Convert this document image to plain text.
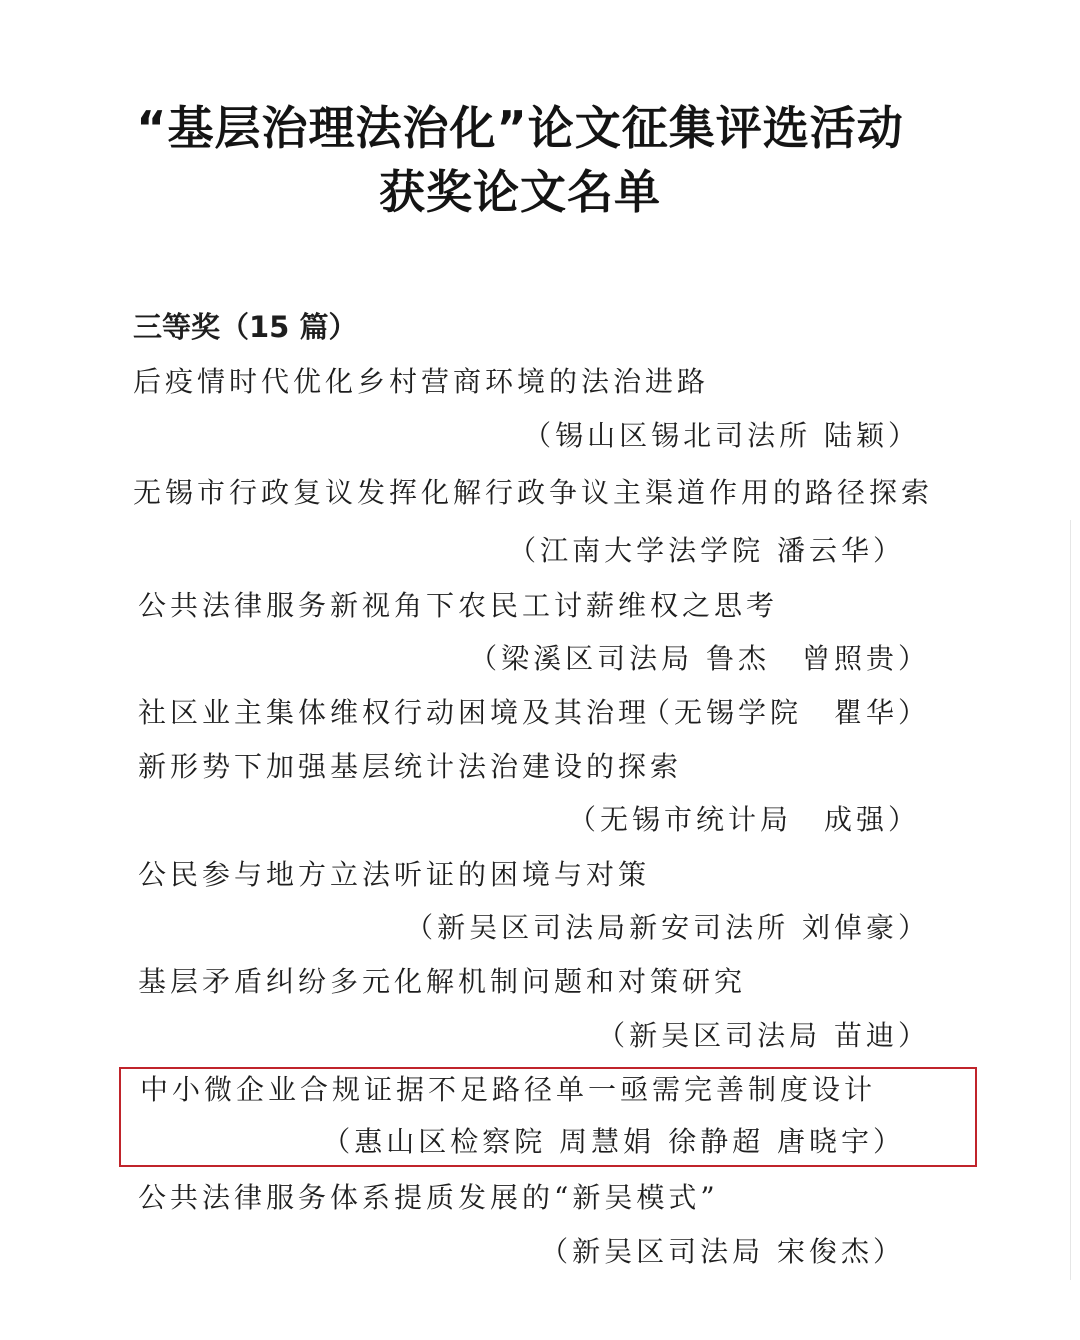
“基层治理法治化”论文征集评选活动
获奖论文名单
三等奖（15 篇）
后疫情时代优化乡村营商环境的法治进路
（锡山区锡北司法所 陆颖）
无锡市行政复议发挥化解行政争议主渠道作用的路径探索
（江南大学法学院 潘云华）
公共法律服务新视角下农民工讨薪维权之思考
（梁溪区司法局 鲁杰　曾照贵）
社区业主集体维权行动困境及其治理
（无锡学院　瞿华）
新形势下加强基层统计法治建设的探索
（无锡市统计局　成强）
公民参与地方立法听证的困境与对策
（新吴区司法局新安司法所 刘倬豪）
基层矛盾纠纷多元化解机制问题和对策研究
（新吴区司法局 苗迪）
中小微企业合规证据不足路径单一亟需完善制度设计
（惠山区检察院 周慧娟 徐静超 唐晓宇）
公共法律服务体系提质发展的“新吴模式”
（新吴区司法局 宋俊杰）
